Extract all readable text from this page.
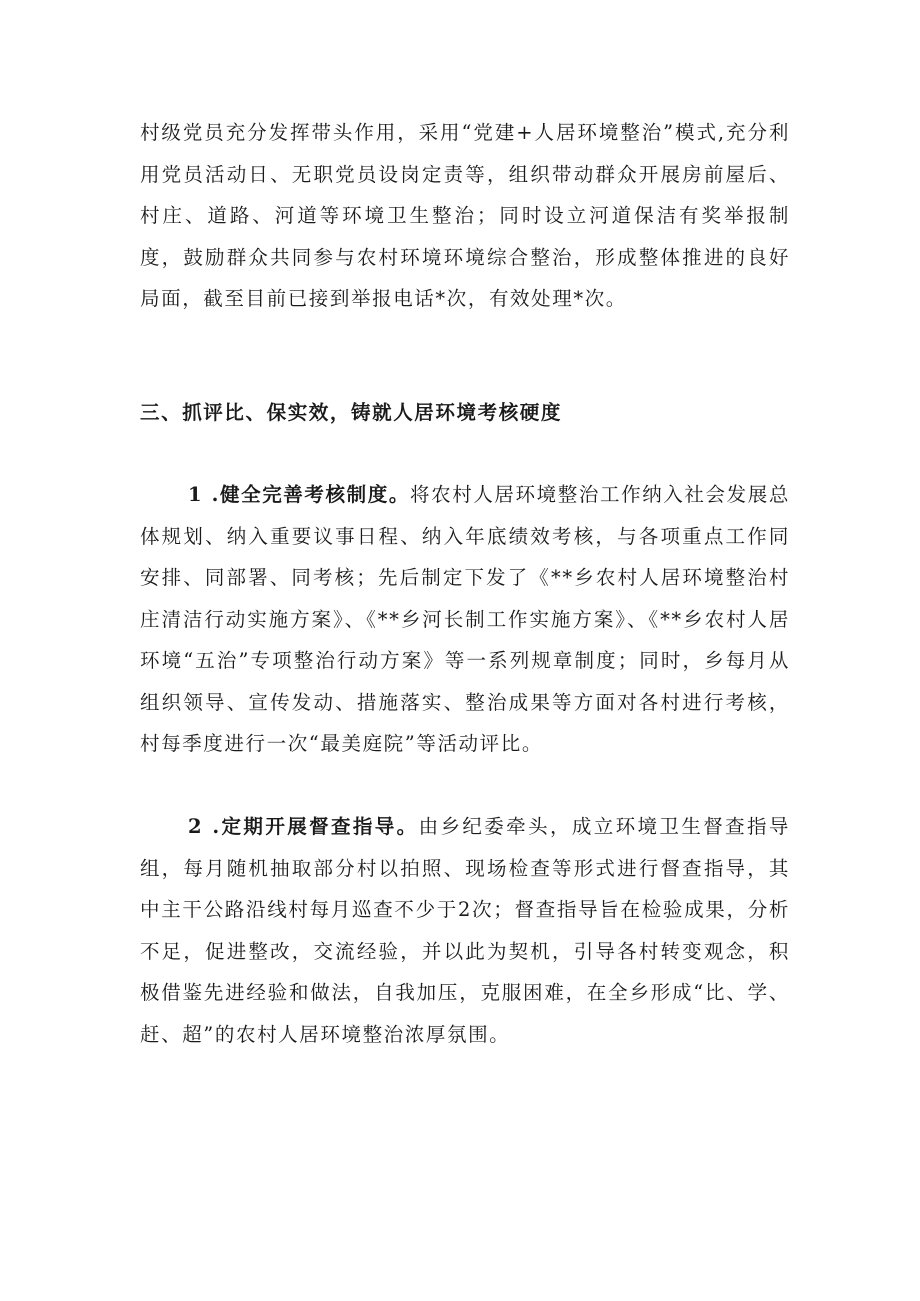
村级党员充分发挥带头作用，采用“党建+人居环境整治”模式,充分利用党员活动日、无职党员设岗定责等，组织带动群众开展房前屋后、村庄、道路、河道等环境卫生整治；同时设立河道保洁有奖举报制度，鼓励群众共同参与农村环境环境综合整治，形成整体推进的良好局面，截至目前已接到举报电话*次，有效处理*次。

三、抓评比、保实效，铸就人居环境考核硬度

1 .健全完善考核制度。将农村人居环境整治工作纳入社会发展总体规划、纳入重要议事日程、纳入年底绩效考核，与各项重点工作同安排、同部署、同考核；先后制定下发了《**乡农村人居环境整治村庄清洁行动实施方案》、《**乡河长制工作实施方案》、《**乡农村人居环境“五治”专项整治行动方案》等一系列规章制度；同时，乡每月从组织领导、宣传发动、措施落实、整治成果等方面对各村进行考核，村每季度进行一次“最美庭院”等活动评比。

2 .定期开展督查指导。由乡纪委牵头，成立环境卫生督查指导组，每月随机抽取部分村以拍照、现场检查等形式进行督查指导，其中主干公路沿线村每月巡查不少于2次；督查指导旨在检验成果，分析不足，促进整改，交流经验，并以此为契机，引导各村转变观念，积极借鉴先进经验和做法，自我加压，克服困难，在全乡形成“比、学、赶、超”的农村人居环境整治浓厚氛围。
